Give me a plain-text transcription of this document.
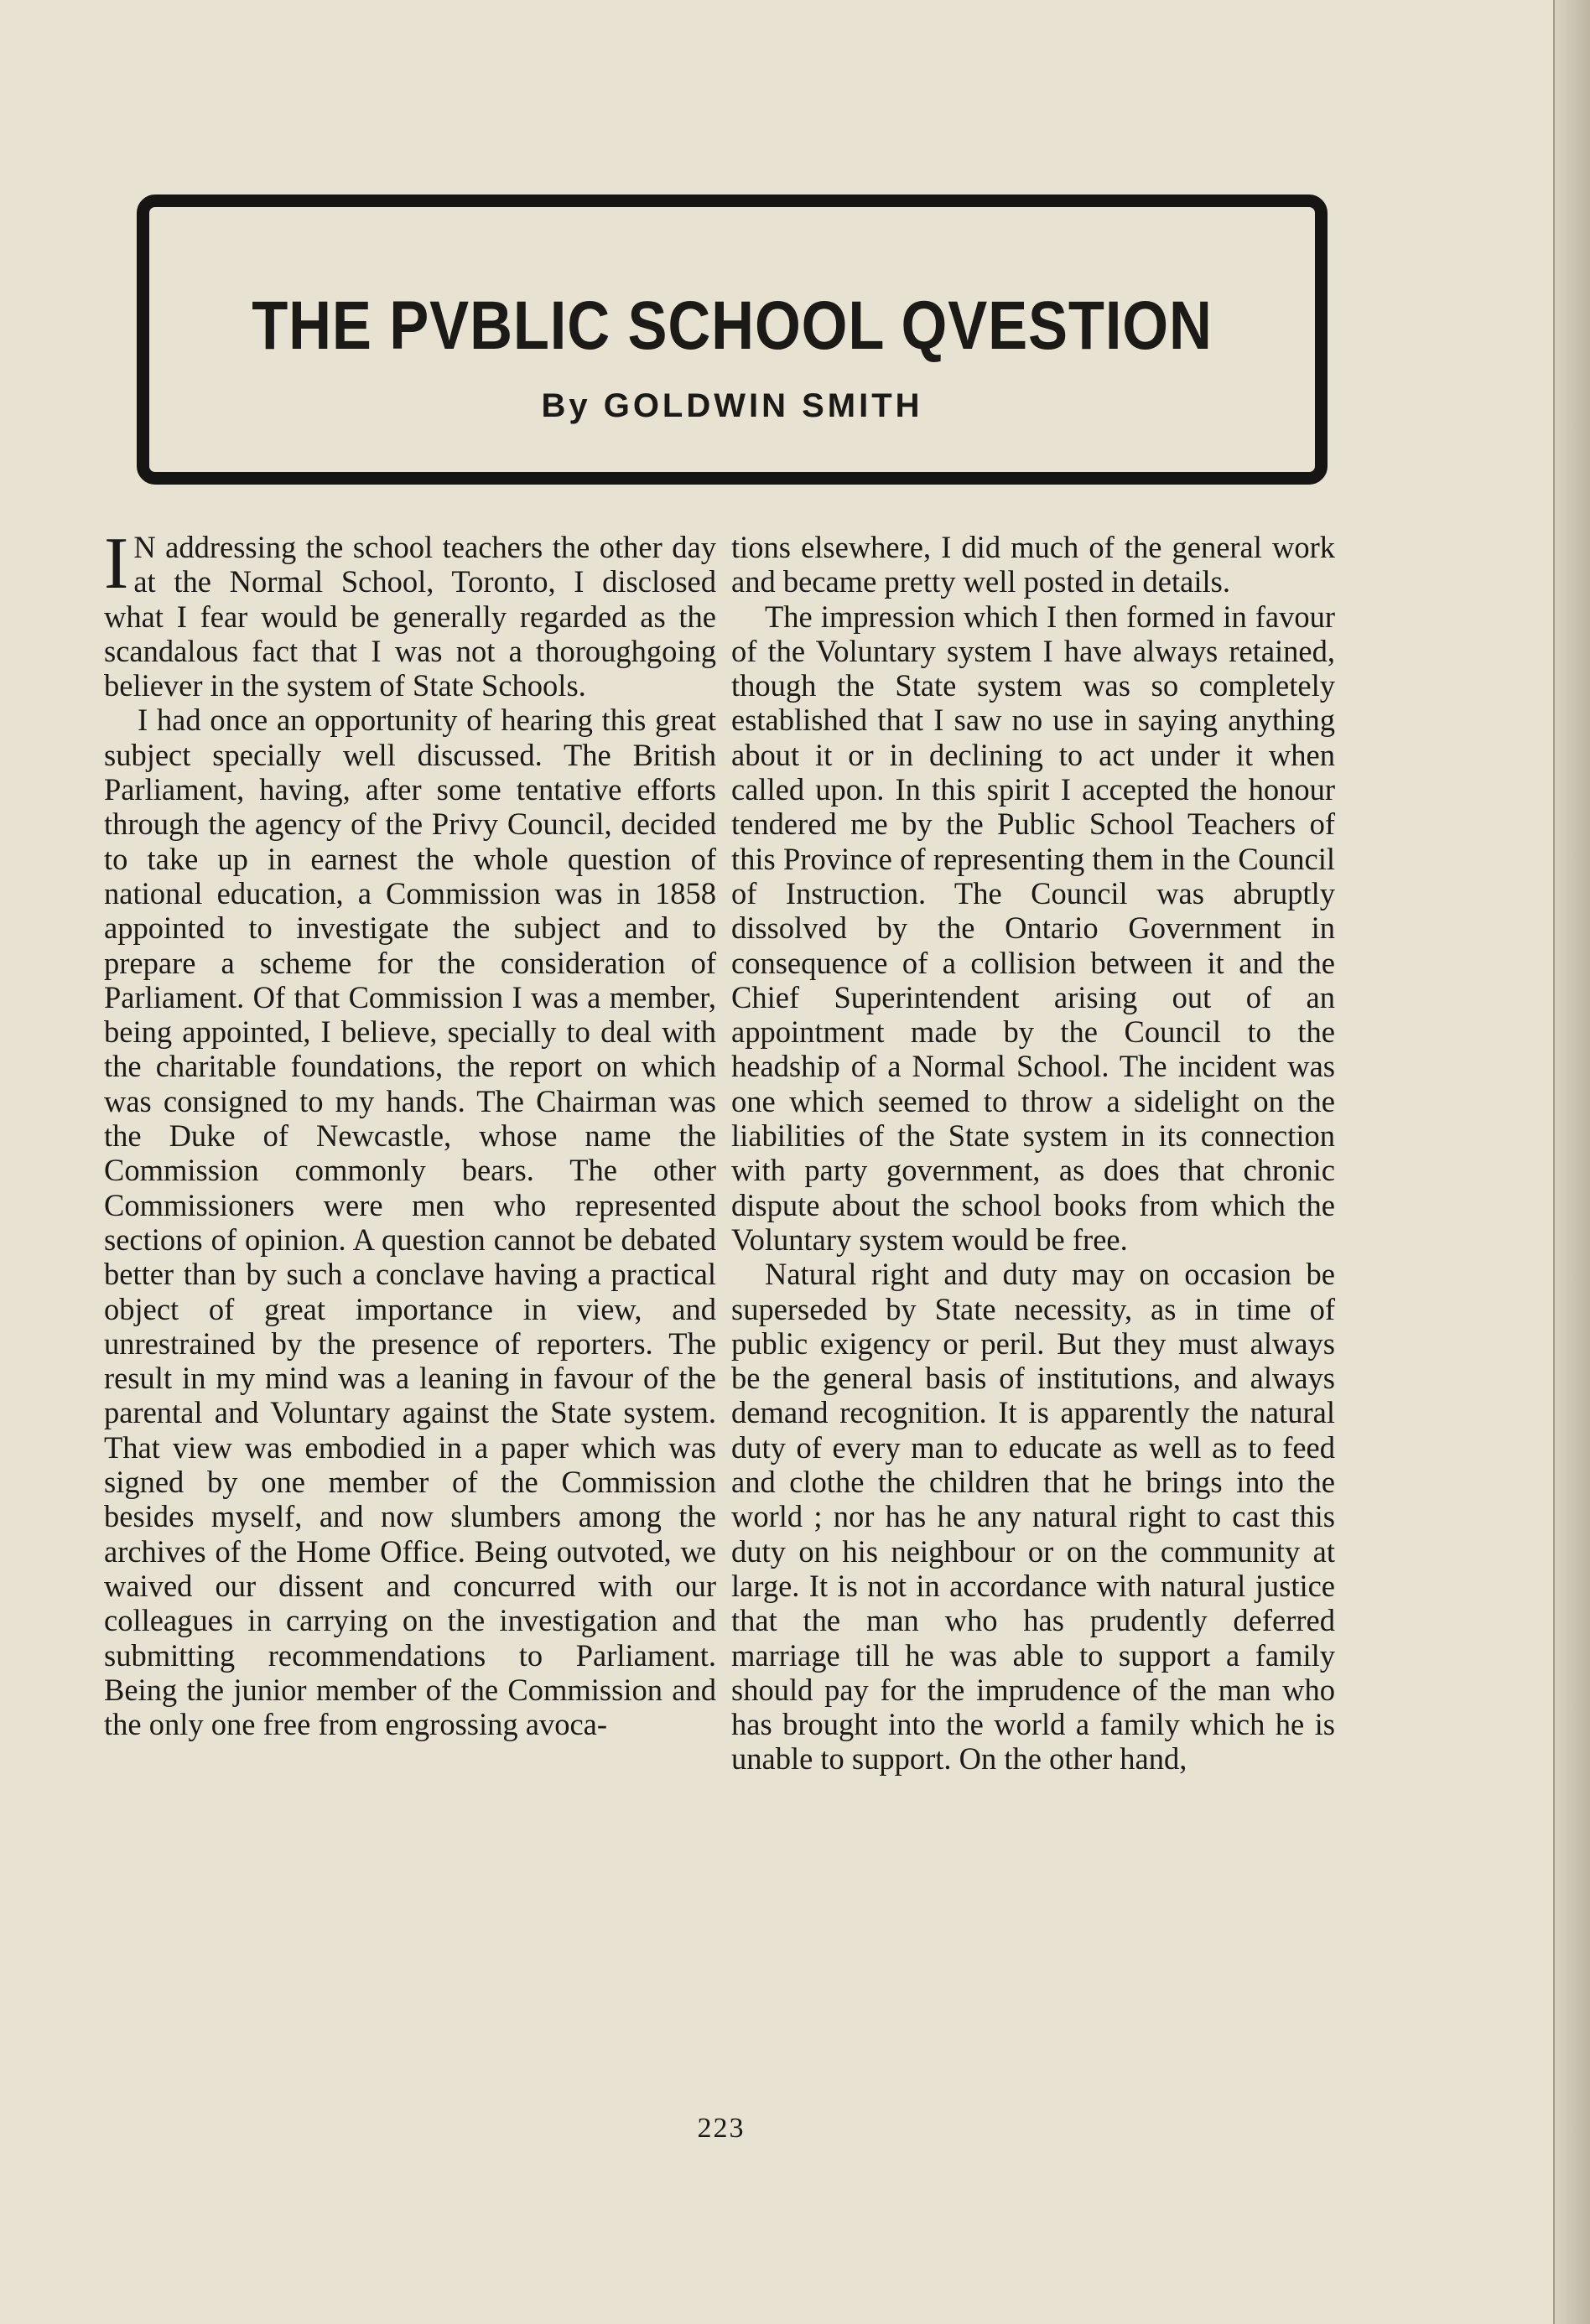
THE PVBLIC SCHOOL QVESTION
By GOLDWIN SMITH

I N addressing the school teachers the other day at the Normal School, Toronto, I disclosed what I fear would be generally regarded as the scandalous fact that I was not a thoroughgoing believer in the system of State Schools.

I had once an opportunity of hearing this great subject specially well discussed. The British Parliament, having, after some tentative efforts through the agency of the Privy Council, decided to take up in earnest the whole question of national education, a Commission was in 1858 appointed to investigate the subject and to prepare a scheme for the consideration of Parliament. Of that Commission I was a member, being appointed, I believe, specially to deal with the charitable foundations, the report on which was consigned to my hands. The Chairman was the Duke of Newcastle, whose name the Commission commonly bears. The other Commissioners were men who represented sections of opinion. A question cannot be debated better than by such a conclave having a practical object of great importance in view, and unrestrained by the presence of reporters. The result in my mind was a leaning in favour of the parental and Voluntary against the State system. That view was embodied in a paper which was signed by one member of the Commission besides myself, and now slumbers among the archives of the Home Office. Being outvoted, we waived our dissent and concurred with our colleagues in carrying on the investigation and submitting recommendations to Parliament. Being the junior member of the Commission and the only one free from engrossing avoca-

tions elsewhere, I did much of the general work and became pretty well posted in details.

The impression which I then formed in favour of the Voluntary system I have always retained, though the State system was so completely established that I saw no use in saying anything about it or in declining to act under it when called upon. In this spirit I accepted the honour tendered me by the Public School Teachers of this Province of representing them in the Council of Instruction. The Council was abruptly dissolved by the Ontario Government in consequence of a collision between it and the Chief Superintendent arising out of an appointment made by the Council to the headship of a Normal School. The incident was one which seemed to throw a sidelight on the liabilities of the State system in its connection with party government, as does that chronic dispute about the school books from which the Voluntary system would be free.

Natural right and duty may on occasion be superseded by State necessity, as in time of public exigency or peril. But they must always be the general basis of institutions, and always demand recognition. It is apparently the natural duty of every man to educate as well as to feed and clothe the children that he brings into the world ; nor has he any natural right to cast this duty on his neighbour or on the community at large. It is not in accordance with natural justice that the man who has prudently deferred marriage till he was able to support a family should pay for the imprudence of the man who has brought into the world a family which he is unable to support. On the other hand,

223
